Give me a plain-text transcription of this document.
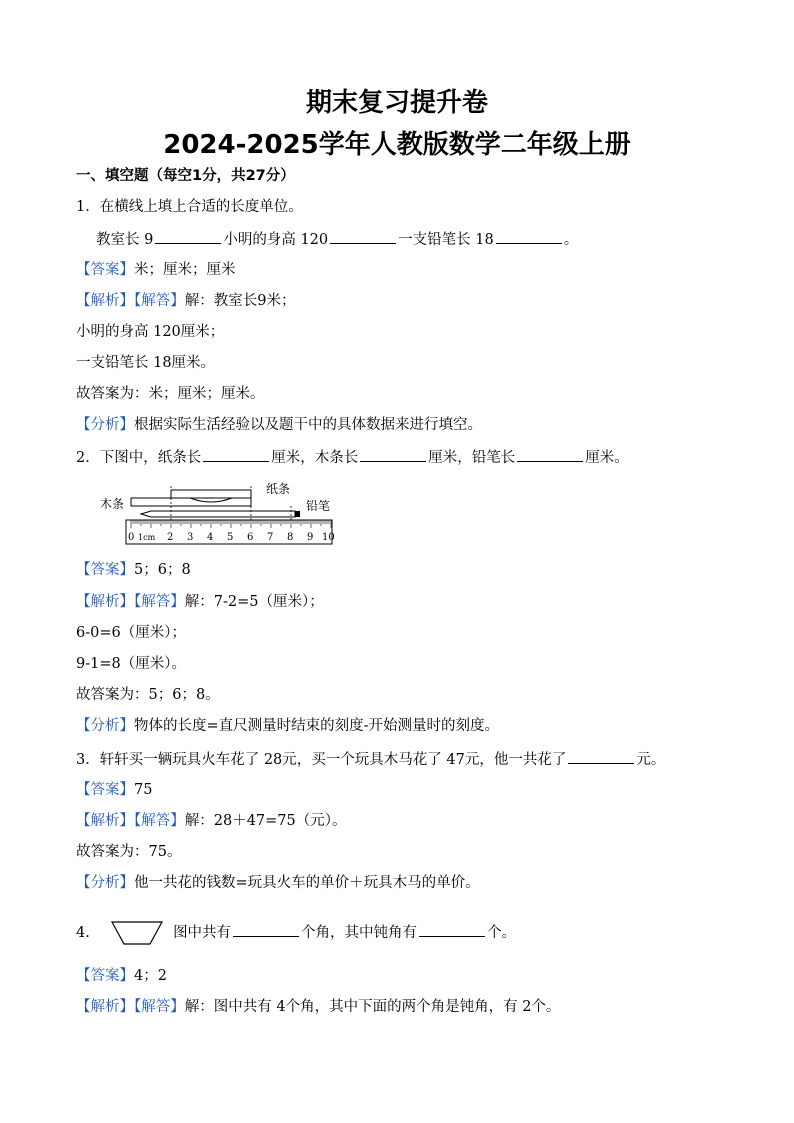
期末复习提升卷
2024-2025学年人教版数学二年级上册
一、填空题（每空1分，共27分）
1．在横线上填上合适的长度单位。
教室长 9	小明的身高 120	一支铅笔长 18	。
【答案】米；厘米；厘米
【解析】【解答】解：教室长9米；
小明的身高 120厘米；
一支铅笔长 18厘米。
故答案为：米；厘米；厘米。
【分析】根据实际生活经验以及题干中的具体数据来进行填空。
2．下图中，纸条长	厘米，木条长	厘米，铅笔长	厘米。
木条
纸条
铅笔
1cm
0	2 3 4 5 6 7 8 9 10
【答案】5；6；8
【解析】【解答】解：7-2=5（厘米）；
6-0=6（厘米）；
9-1=8（厘米）。
故答案为：5；6；8。
【分析】物体的长度=直尺测量时结束的刻度-开始测量时的刻度。
3．轩轩买一辆玩具火车花了 28元，买一个玩具木马花了 47元，他一共花了	元。
【答案】75
【解析】【解答】解：28＋47=75（元）。
故答案为：75。
【分析】他一共花的钱数=玩具火车的单价＋玩具木马的单价。
4.	图中共有	个角，其中钝角有	个。
【答案】4；2
【解析】【解答】解：图中共有 4个角，其中下面的两个角是钝角，有 2个。
